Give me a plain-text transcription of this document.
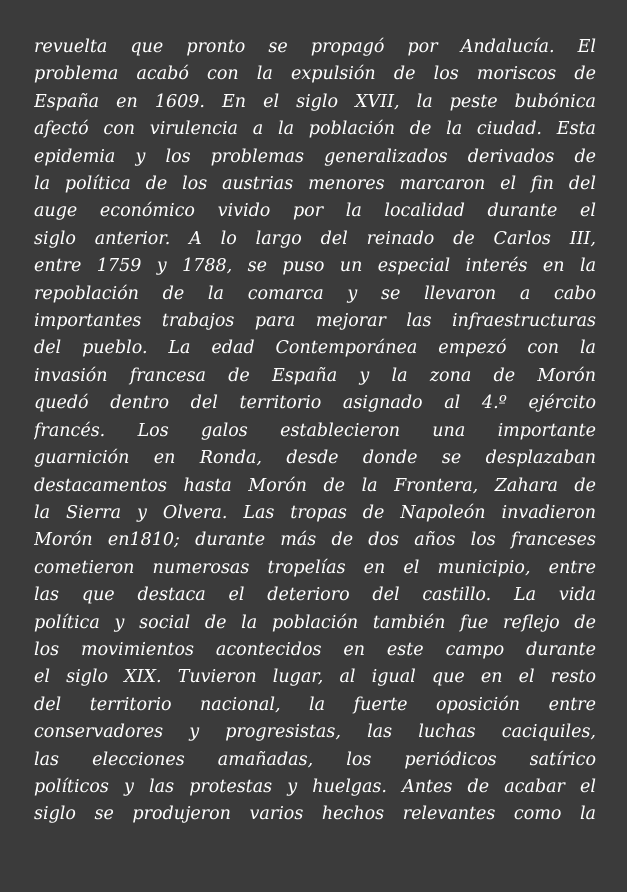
revuelta que pronto se propagó por Andalucía. El
problema acabó con la expulsión de los moriscos de
España en 1609. En el siglo XVII, la peste bubónica
afectó con virulencia a la población de la ciudad. Esta
epidemia y los problemas generalizados derivados de
la política de los austrias menores marcaron el fin del
auge económico vivido por la localidad durante el
siglo anterior. A lo largo del reinado de Carlos III,
entre 1759 y 1788, se puso un especial interés en la
repoblación de la comarca y se llevaron a cabo
importantes trabajos para mejorar las infraestructuras
del pueblo. La edad Contemporánea empezó con la
invasión francesa de España y la zona de Morón
quedó dentro del territorio asignado al 4.º ejército
francés. Los galos establecieron una importante
guarnición en Ronda, desde donde se desplazaban
destacamentos hasta Morón de la Frontera, Zahara de
la Sierra y Olvera. Las tropas de Napoleón invadieron
Morón en1810; durante más de dos años los franceses
cometieron numerosas tropelías en el municipio, entre
las que destaca el deterioro del castillo. La vida
política y social de la población también fue reflejo de
los movimientos acontecidos en este campo durante
el siglo XIX. Tuvieron lugar, al igual que en el resto
del territorio nacional, la fuerte oposición entre
conservadores y progresistas, las luchas caciquiles,
las elecciones amañadas, los periódicos satírico
políticos y las protestas y huelgas. Antes de acabar el
siglo se produjeron varios hechos relevantes como la
